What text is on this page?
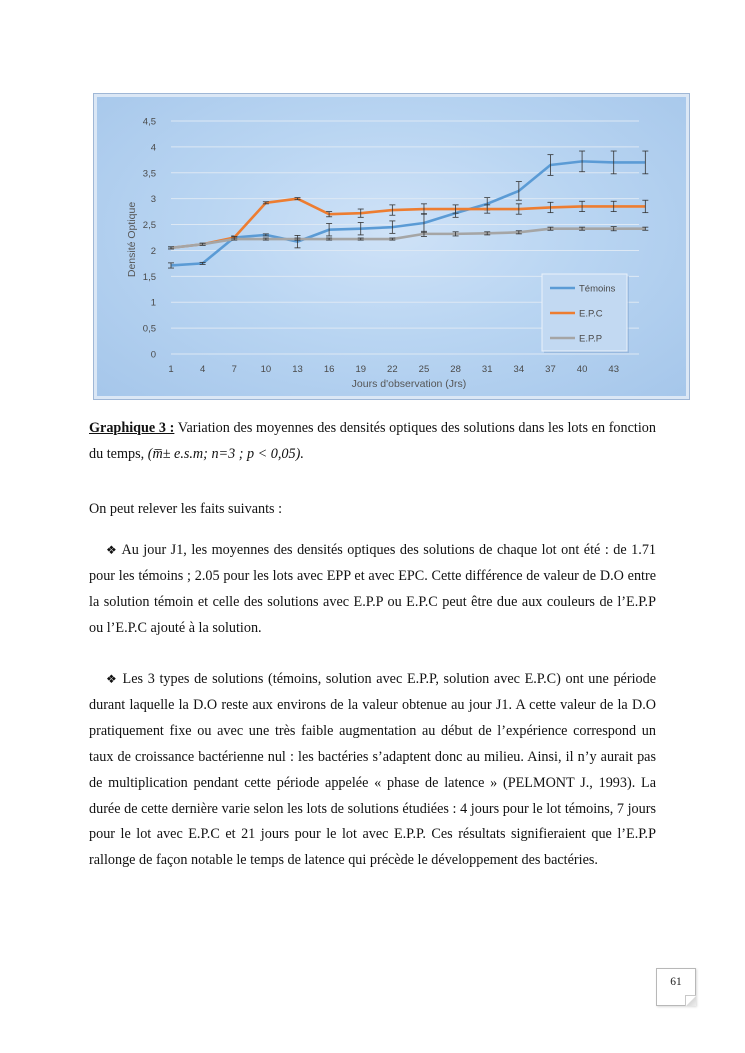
0
0,5
1
1,5
2
2,5
3
3,5
4
4,5
1	4	7 10 13 16 19 22 25 28 31 34 37 40 43
Jours d'observation (Jrs)
Densité Optique
Témoins
E.P.C
E.P.P

Graphique 3 : Variation des moyennes des densités optiques des solutions dans les lots en fonction du temps, (m̅± e.s.m; n=3 ; p < 0,05).

On peut relever les faits suivants :

❖ Au jour J1, les moyennes des densités optiques des solutions de chaque lot ont été : de 1.71 pour les témoins ; 2.05 pour les lots avec EPP et avec EPC. Cette différence de valeur de D.O entre la solution témoin et celle des solutions avec E.P.P ou E.P.C peut être due aux couleurs de l’E.P.P ou l’E.P.C ajouté à la solution.

❖ Les 3 types de solutions (témoins, solution avec E.P.P, solution avec E.P.C) ont une période durant laquelle la D.O reste aux environs de la valeur obtenue au jour J1. A cette valeur de la D.O pratiquement fixe ou avec une très faible augmentation au début de l’expérience correspond un taux de croissance bactérienne nul : les bactéries s’adaptent donc au milieu. Ainsi, il n’y aurait pas de multiplication pendant cette période appelée « phase de latence » (PELMONT J., 1993). La durée de cette dernière varie selon les lots de solutions étudiées : 4 jours pour le lot témoins, 7 jours pour le lot avec E.P.C et 21 jours pour le lot avec E.P.P. Ces résultats signifieraient que l’E.P.P rallonge de façon notable le temps de latence qui précède le développement des bactéries.

61
